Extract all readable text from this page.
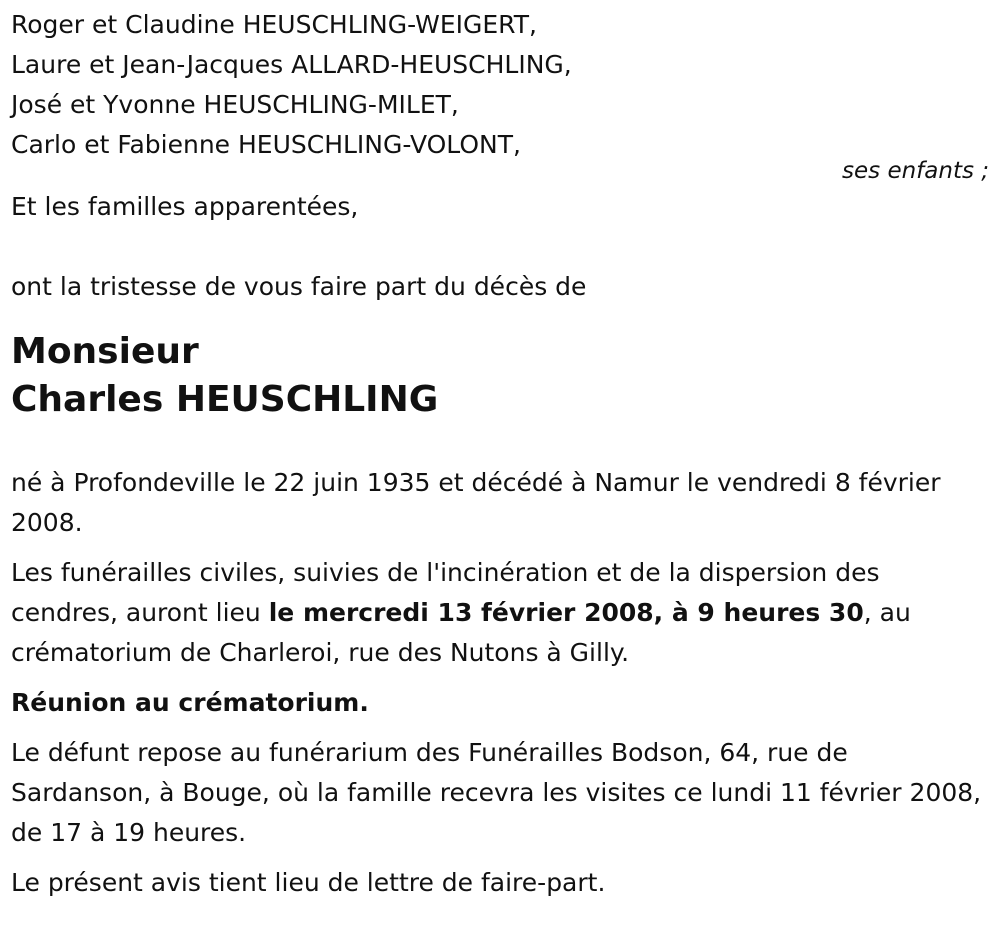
Roger et Claudine HEUSCHLING-WEIGERT,
Laure et Jean-Jacques ALLARD-HEUSCHLING,
José et Yvonne HEUSCHLING-MILET,
Carlo et Fabienne HEUSCHLING-VOLONT,
ses enfants ;
Et les familles apparentées,
ont la tristesse de vous faire part du décès de
Monsieur
Charles HEUSCHLING

né à Profondeville le 22 juin 1935 et décédé à Namur le vendredi 8 février 2008.

Les funérailles civiles, suivies de l'incinération et de la dispersion des cendres, auront lieu le mercredi 13 février 2008, à 9 heures 30, au crématorium de Charleroi, rue des Nutons à Gilly.

Réunion au crématorium.

Le défunt repose au funérarium des Funérailles Bodson, 64, rue de Sardanson, à Bouge, où la famille recevra les visites ce lundi 11 février 2008, de 17 à 19 heures.

Le présent avis tient lieu de lettre de faire-part.
